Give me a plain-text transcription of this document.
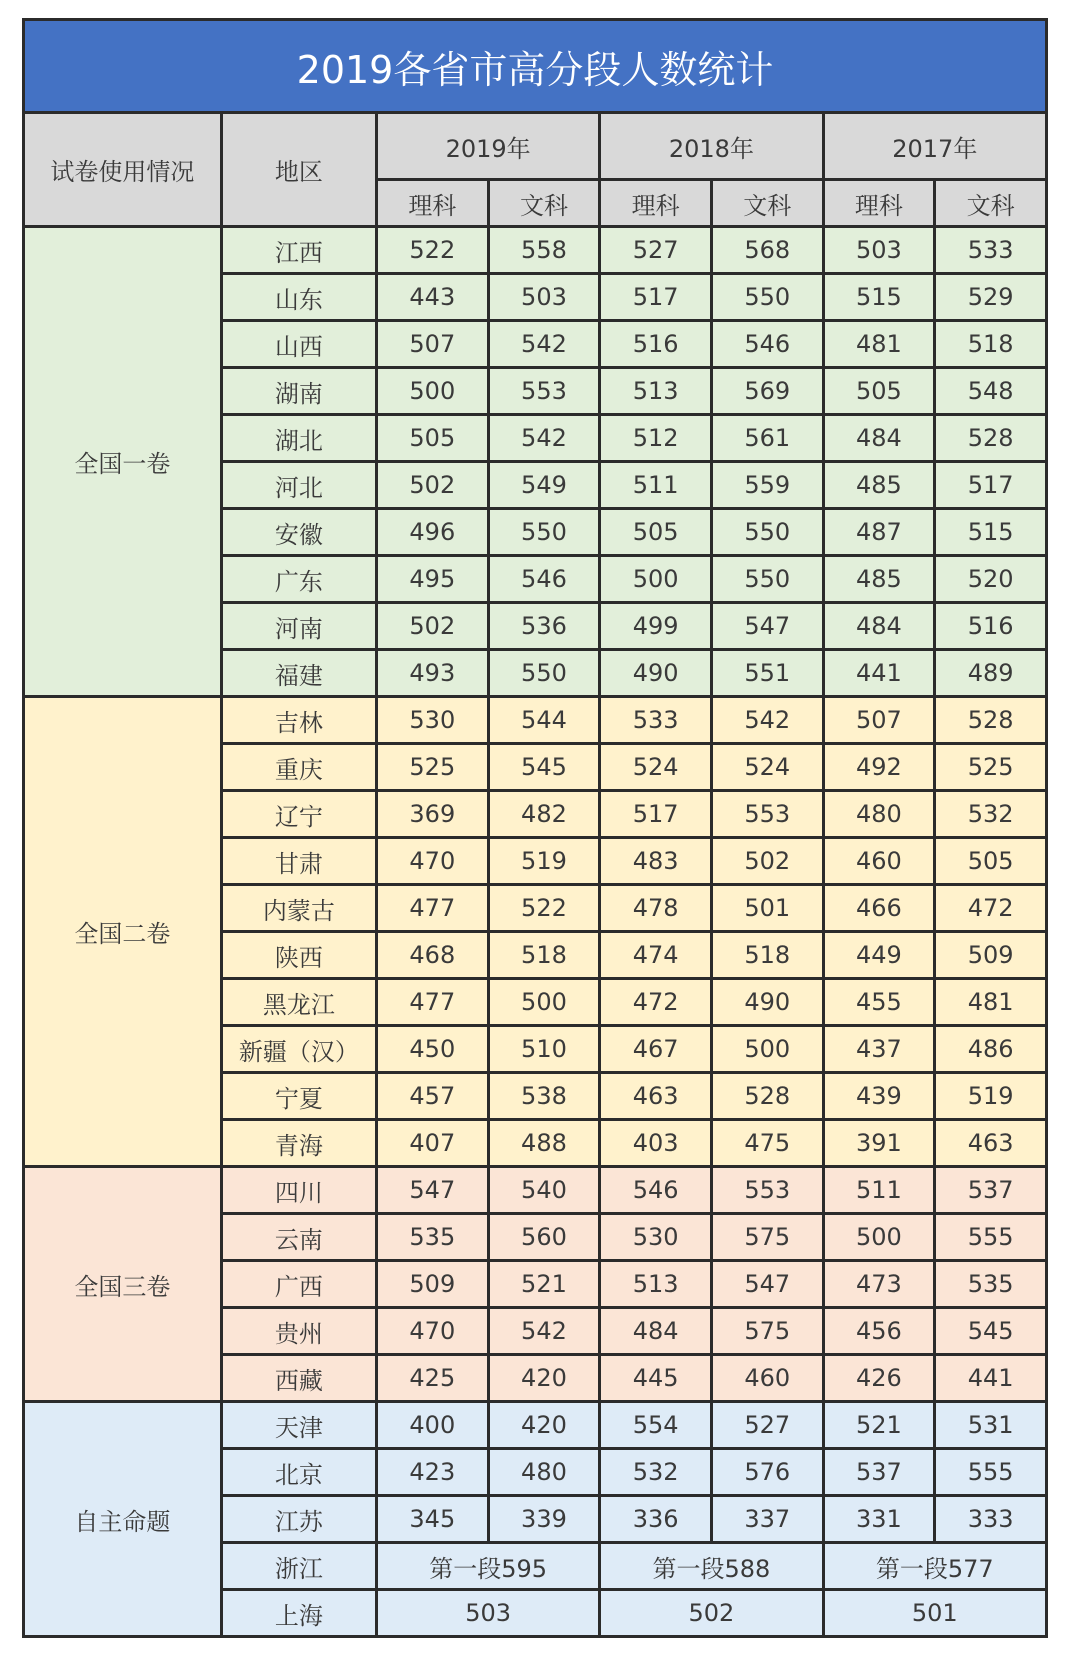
2019各省市高分段人数统计							
试卷使用情况	地区	2019年		2018年		2017年	
		理科	文科	理科	文科	理科	文科
全国一卷	江西	522	558	527	568	503	533
	山东	443	503	517	550	515	529
	山西	507	542	516	546	481	518
	湖南	500	553	513	569	505	548
	湖北	505	542	512	561	484	528
	河北	502	549	511	559	485	517
	安徽	496	550	505	550	487	515
	广东	495	546	500	550	485	520
	河南	502	536	499	547	484	516
	福建	493	550	490	551	441	489
全国二卷	吉林	530	544	533	542	507	528
	重庆	525	545	524	524	492	525
	辽宁	369	482	517	553	480	532
	甘肃	470	519	483	502	460	505
	内蒙古	477	522	478	501	466	472
	陕西	468	518	474	518	449	509
	黑龙江	477	500	472	490	455	481
	新疆（汉）	450	510	467	500	437	486
	宁夏	457	538	463	528	439	519
	青海	407	488	403	475	391	463
全国三卷	四川	547	540	546	553	511	537
	云南	535	560	530	575	500	555
	广西	509	521	513	547	473	535
	贵州	470	542	484	575	456	545
	西藏	425	420	445	460	426	441
自主命题	天津	400	420	554	527	521	531
	北京	423	480	532	576	537	555
	江苏	345	339	336	337	331	333
	浙江	第一段595		第一段588		第一段577	
	上海	503		502		501	
